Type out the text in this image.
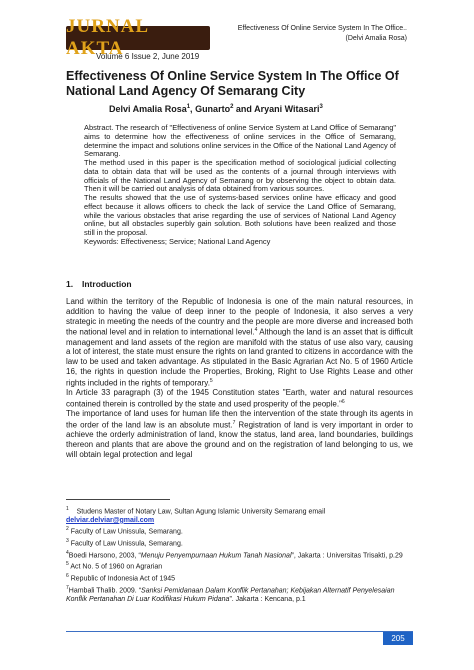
JURNAL AKTA
Volume 6 Issue 2, June 2019
Effectiveness Of Online Service System In The Office..
(Delvi Amalia Rosa)
Effectiveness Of Online Service System In The Office Of National Land Agency Of Semarang City
Delvi Amalia Rosa$^1$, Gunarto$^2$ and Aryani Witasari$^3$

Abstract. The research of "Effectiveness of online Service System at Land Office of Semarang" aims to determine how the effectiveness of online services in the Office of Semarang, determine the impact and solutions online services in the Office of the National Land Agency of Semarang.

The method used in this paper is the specification method of sociological judicial collecting data to obtain data that will be used as the contents of a journal through interviews with officials of the National Land Agency of Semarang or by observing the object to obtain data. Then it will be carried out analysis of data obtained from various sources.

The results showed that the use of systems-based services online have efficacy and good effect because it allows officers to check the lack of service the Land Office of Semarang, while the various obstacles that arise regarding the use of services of National Land Agency online, but all obstacles superbly gain solution. Both solutions have been realized and those still in the proposal.

Keywords: Effectiveness; Service; National Land Agency

1. Introduction

Land within the territory of the Republic of Indonesia is one of the main natural resources, in addition to having the value of deep inner to the people of Indonesia, it also serves a very strategic in meeting the needs of the country and the people are more diverse and increased both the national level and in relation to international level.$^4$ Although the land is an asset that is difficult management and land assets of the region are manifold with the status of use also vary, causing a lot of interest, the state must ensure the rights on land granted to citizens in accordance with the law to be used and taken advantage. As stipulated in the Basic Agrarian Act No. 5 of 1960 Article 16, the rights in question include the Properties, Broking, Right to Use Rights Lease and other rights included in the rights of temporary.$^5$

In Article 33 paragraph (3) of the 1945 Constitution states "Earth, water and natural resources contained therein is controlled by the state and used prosperity of the people."$^6$

The importance of land uses for human life then the intervention of the state through its agents in the order of the land law is an absolute must.$^7$ Registration of land is very important in order to achieve the orderly administration of land, know the status, land area, land boundaries, buildings thereon and plants that are above the ground and on the registration of land belonging to us, we will obtain legal protection and legal

$^1$ Studens Master of Notary Law, Sultan Agung Islamic University Semarang email
delviar.delviar@gmail.com

$^2$ Faculty of Law Unissula, Semarang.

$^3$ Faculty of Law Unissula, Semarang.

$^4$Boedi Harsono, 2003, “Menuju Penyempurnaan Hukum Tanah Nasional”, Jakarta : Universitas Trisakti, p.29

$^5$ Act No. 5 of 1960 on Agrarian

$^6$ Republic of Indonesia Act of 1945

$^7$Hambali Thalib. 2009. “Sanksi Pemidanaan Dalam Konflik Pertanahan; Kebijakan Alternatif Penyelesaian Konflik Pertanahan Di Luar Kodifikasi Hukum Pidana”. Jakarta : Kencana, p.1

205
